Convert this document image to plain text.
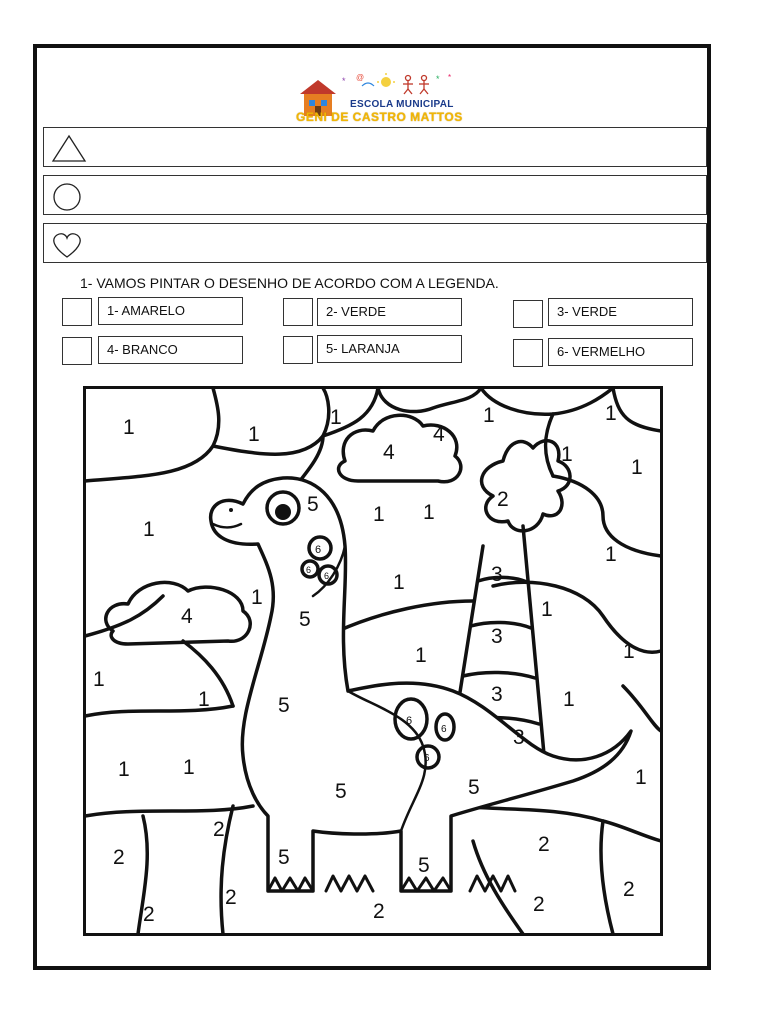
* @	* *
ESCOLA MUNICIPAL
GENI DE CASTRO MATTOS
1- VAMOS PINTAR O DESENHO DE ACORDO COM A LEGENDA.
1- AMARELO	2- VERDE	3- VERDE
4- BRANCO	5- LARANJA	6- VERMELHO
1	1
1	1	1
1
1
1
1 1
1
1
1
1
1
1
1
1	1
1	1	1
2
2
2
2
2
2
2	2
2
3
3
3
3
4
4
4
5
5
5
5	5
5	5
6
6
6
6
6
6
